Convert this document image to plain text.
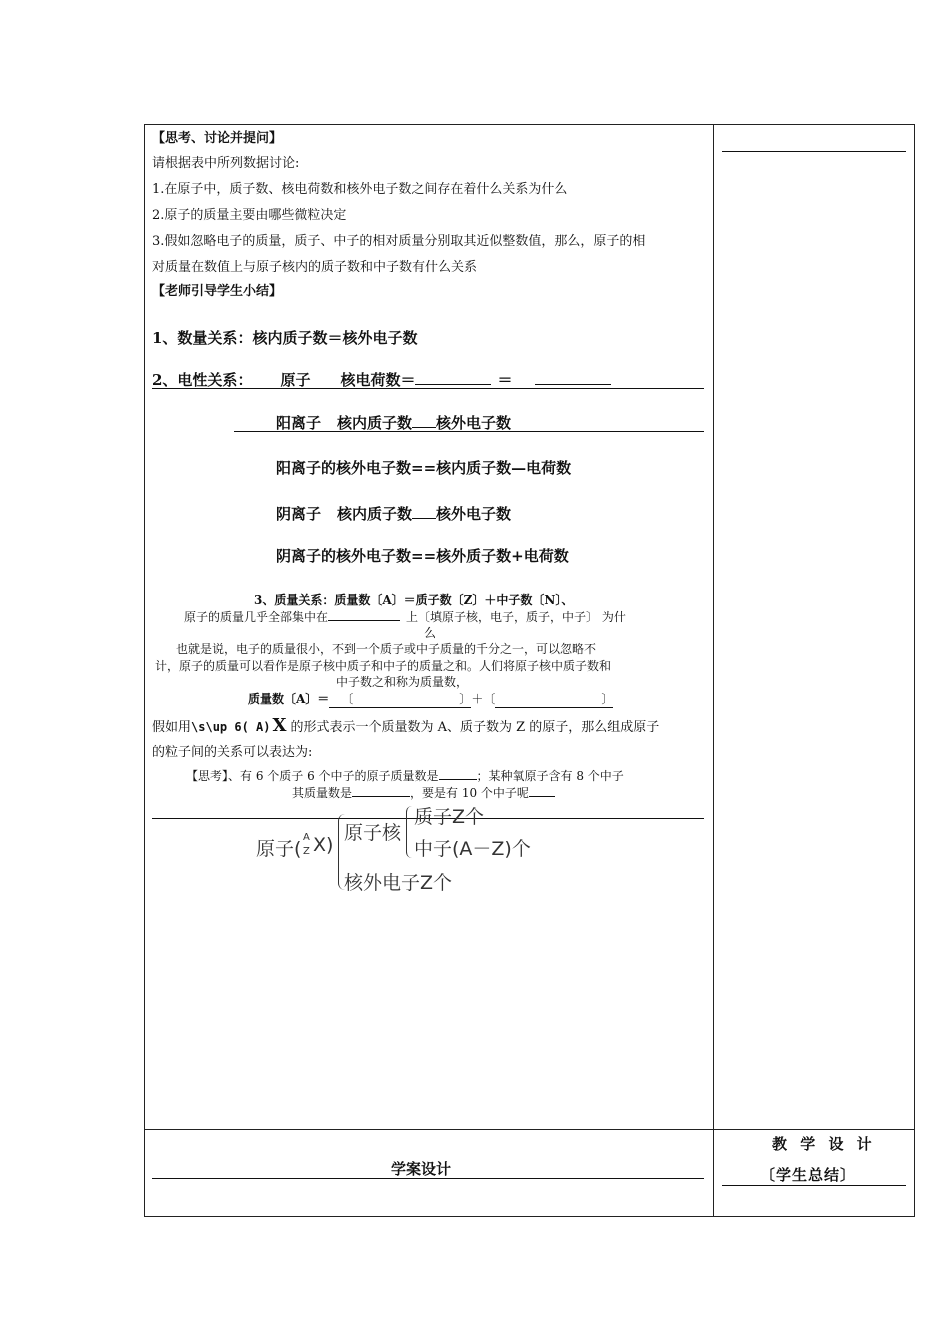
【思考、讨论并提问】
请根据表中所列数据讨论:
1.在原子中，质子数、核电荷数和核外电子数之间存在着什么关系为什么
2.原子的质量主要由哪些微粒决定
3.假如忽略电子的质量，质子、中子的相对质量分别取其近似整数值，那么，原子的相
对质量在数值上与原子核内的质子数和中子数有什么关系
【老师引导学生小结】
1、数量关系：核内质子数＝核外电子数
2、电性关系： 原子 核电荷数＝	＝
阳离子 核内质子数 核外电子数
阳离子的核外电子数==核内质子数—电荷数
阴离子 核内质子数 核外电子数
阴离子的核外电子数==核外质子数+电荷数
3、质量关系：质量数〔A〕＝质子数〔Z〕＋中子数〔N〕、
原子的质量几乎全部集中在	上〔填原子核，电子，质子，中子〕 为什
么
也就是说，电子的质量很小，不到一个质子或中子质量的千分之一，可以忽略不
计，原子的质量可以看作是原子核中质子和中子的质量之和。人们将原子核中质子数和
中子数之和称为质量数，
质量数〔A〕＝ 〔	〕 ＋〔	〕
假如用\s\up 6( A) X 的形式表示一个质量数为 A、质子数为 Z 的原子，那么组成原子
的粒子间的关系可以表达为:
【思考】、有 6 个质子 6 个中子的原子质量数是	；某种氧原子含有 8 个中子
其质量数是	，要是有 10 个中子呢
原子(
A
Z X)
原子核
质子Z个
中子(A－Z)个
核外电子Z个
学案设计
教 学 设 计
〔学生总结〕
